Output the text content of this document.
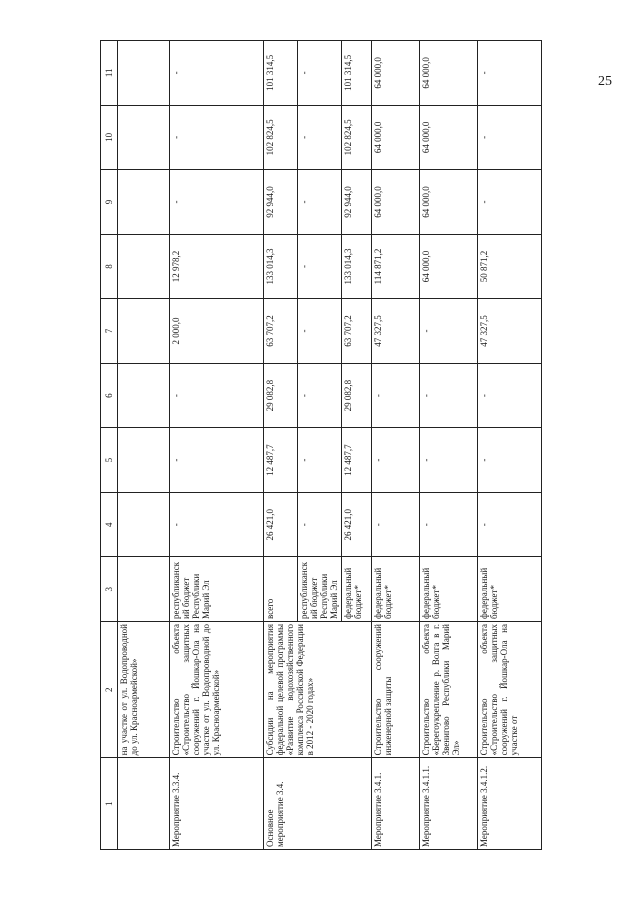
25
1	2	3	4	5	6	7	8	9	10	11
	на участке от ул. Водопроводной до ул. Красноармейской»									
Мероприятие 3.3.4.	Строительство объекта «Строительство защитных сооружений г. Йошкар-Ола на участке от ул. Водопроводной до ул. Красноармейской»	республиканский бюджет Республики Марий Эл	-	-	-	2 000,0	12 978,2	-	-	-
Основное мероприятие 3.4.	Субсидии на мероприятия федеральной целевой программы «Развитие водохозяйственного комплекса Российской Федерации в 2012 - 2020 годах»	всего	26 421,0	12 487,7	29 082,8	63 707,2	133 014,3	92 944,0	102 824,5	101 314,5
		республиканский бюджет Республики Марий Эл	-	-	-	-	-	-	-	-
		федеральный бюджет*	26 421,0	12 487,7	29 082,8	63 707,2	133 014,3	92 944,0	102 824,5	101 314,5
Мероприятие 3.4.1.	Строительство сооружений инженерной защиты	федеральный бюджет*	-	-	-	47 327,5	114 871,2	64 000,0	64 000,0	64 000,0
Мероприятие 3.4.1.1.	Строительство объекта «Берегоукрепление р. Волга в г. Звенигово Республики Марий Эл»	федеральный бюджет*	-	-	-	-	64 000,0	64 000,0	64 000,0	64 000,0
Мероприятие 3.4.1.2.	Строительство объекта «Строительство защитных сооружений г. Йошкар-Ола на участке от	федеральный бюджет*	-	-	-	47 327,5	50 871,2	-	-	-
